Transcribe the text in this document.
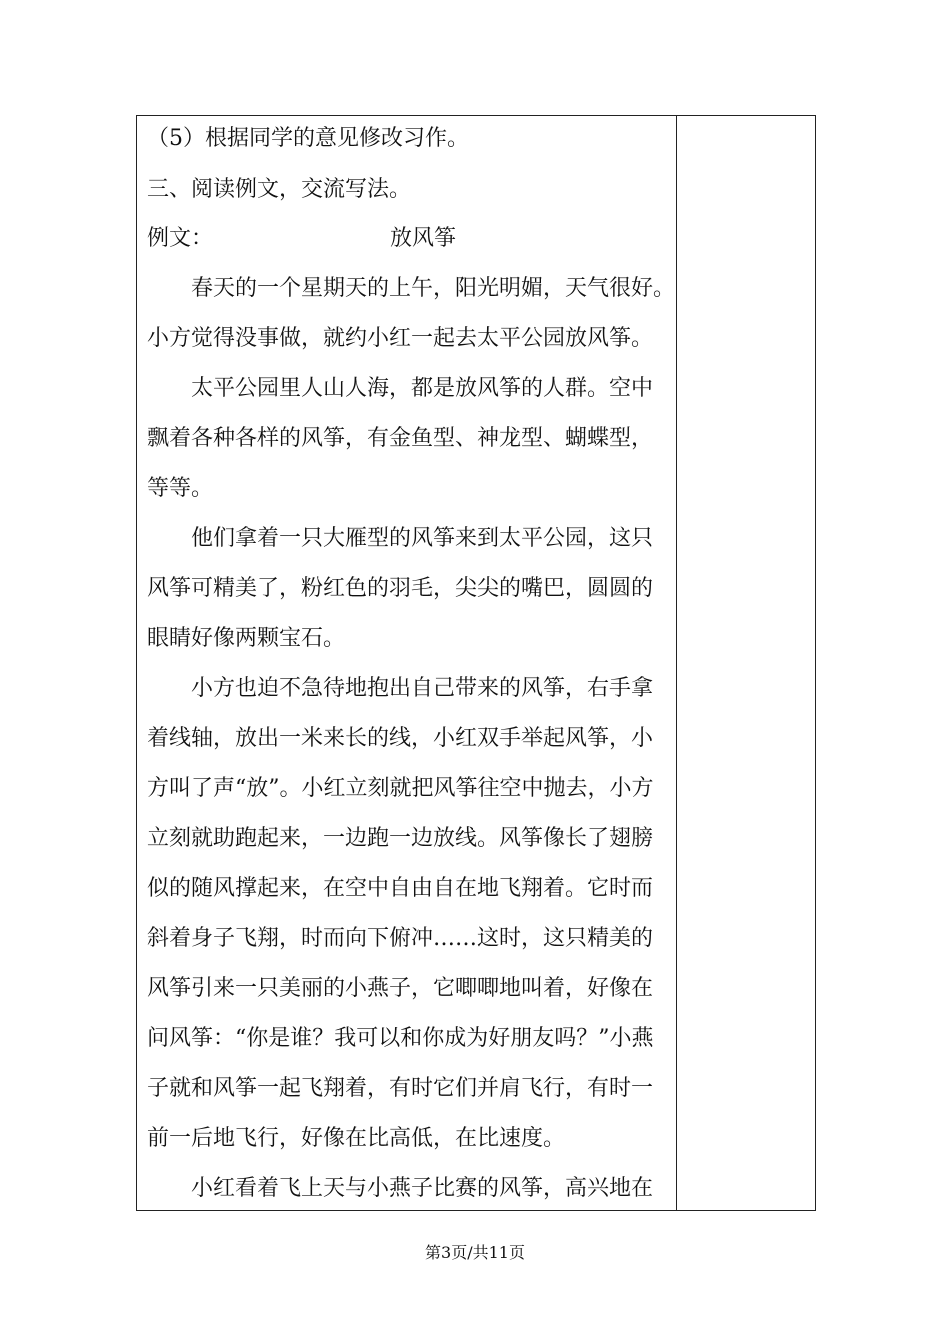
（5）根据同学的意见修改习作。
三、阅读例文，交流写法。
例文：	放风筝
春天的一个星期天的上午，阳光明媚，天气很好。
小方觉得没事做，就约小红一起去太平公园放风筝。
太平公园里人山人海，都是放风筝的人群。空中
飘着各种各样的风筝，有金鱼型、神龙型、蝴蝶型，
等等。
他们拿着一只大雁型的风筝来到太平公园，这只
风筝可精美了，粉红色的羽毛，尖尖的嘴巴，圆圆的
眼睛好像两颗宝石。
小方也迫不急待地抱出自己带来的风筝，右手拿
着线轴，放出一米来长的线，小红双手举起风筝，小
方叫了声“放”。小红立刻就把风筝往空中抛去，小方
立刻就助跑起来，一边跑一边放线。风筝像长了翅膀
似的随风撑起来，在空中自由自在地飞翔着。它时而
斜着身子飞翔，时而向下俯冲……这时，这只精美的
风筝引来一只美丽的小燕子，它唧唧地叫着，好像在
问风筝：“你是谁？我可以和你成为好朋友吗？”小燕
子就和风筝一起飞翔着，有时它们并肩飞行，有时一
前一后地飞行，好像在比高低，在比速度。
小红看着飞上天与小燕子比赛的风筝，高兴地在
第3页/共11页
